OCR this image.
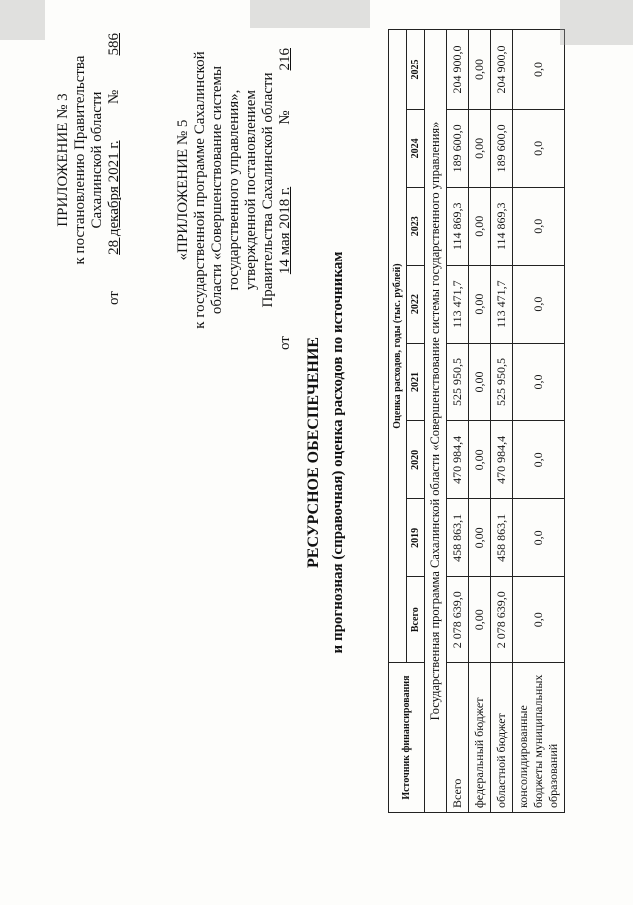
ПРИЛОЖЕНИЕ № 3 к постановлению Правительства Сахалинской области
от
28 декабря 2021 г.
№
586
«ПРИЛОЖЕНИЕ № 5 к государственной программе Сахалинской области «Совершенствование системы государственного управления», утвержденной постановлением Правительства Сахалинской области
от
14 мая 2018 г.
№
216
РЕСУРСНОЕ ОБЕСПЕЧЕНИЕ и прогнозная (справочная) оценка расходов по источникам
Источник финансирования	Оценка расходов, годы (тыс. рублей)							
	Всего	2019	2020	2021	2022	2023	2024	2025
Государственная программа Сахалинской области «Совершенствование системы государственного управления»								
Всего	2 078 639,0	458 863,1	470 984,4	525 950,5	113 471,7	114 869,3	189 600,0	204 900,0
федеральный бюджет	0,00	0,00	0,00	0,00	0,00	0,00	0,00	0,00
областной бюджет	2 078 639,0	458 863,1	470 984,4	525 950,5	113 471,7	114 869,3	189 600,0	204 900,0
консолидированные бюджеты муниципальных образований	0,0	0,0	0,0	0,0	0,0	0,0	0,0	0,0
